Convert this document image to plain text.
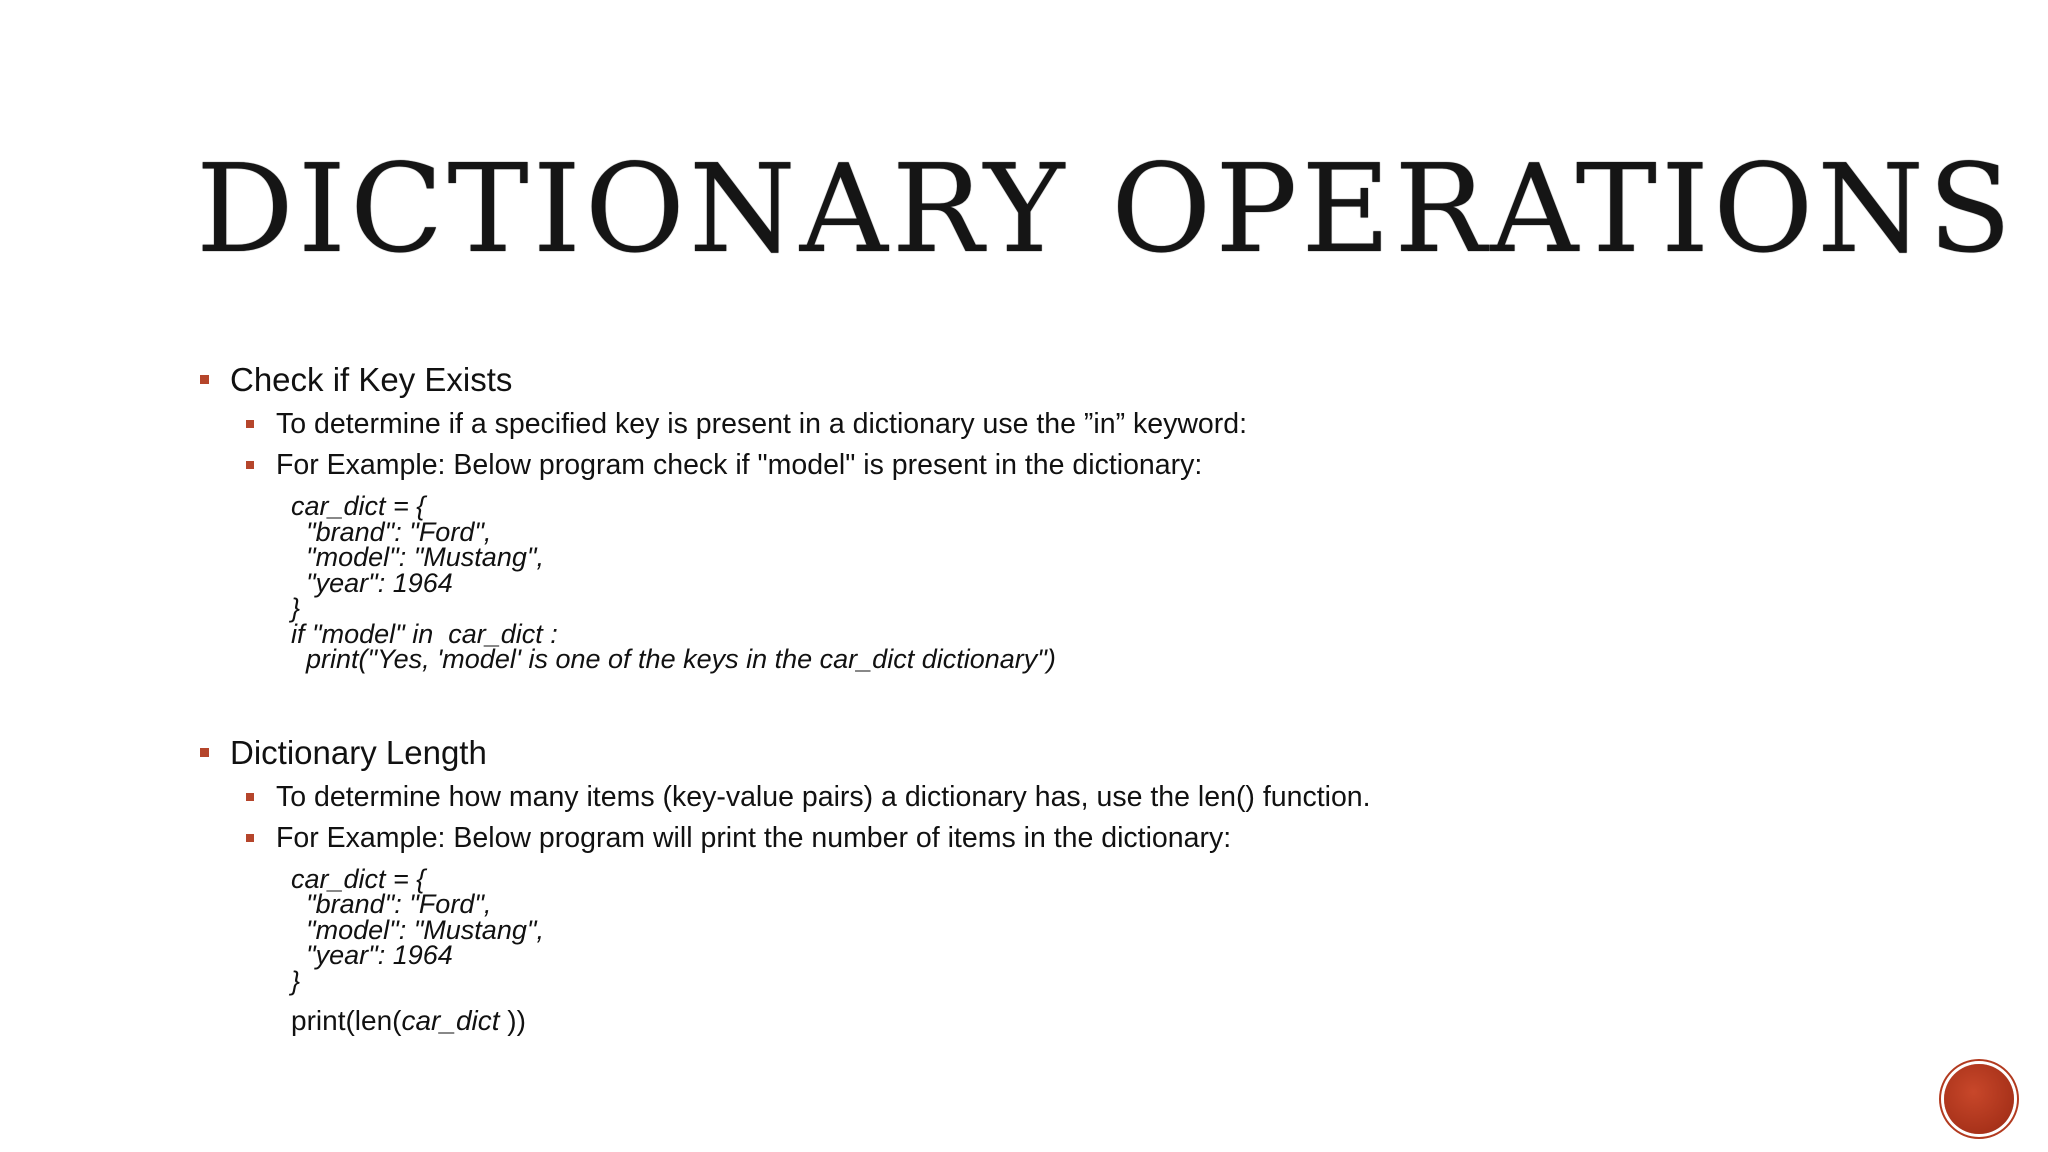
DICTIONARY OPERATIONS
Check if Key Exists
To determine if a specified key is present in a dictionary use the ”in” keyword:
For Example: Below program check if "model" is present in the dictionary:
car_dict = {
"brand": "Ford",
"model": "Mustang",
"year": 1964
}
if "model" in  car_dict :
print("Yes, 'model' is one of the keys in the car_dict dictionary")
Dictionary Length
To determine how many items (key-value pairs) a dictionary has, use the len() function.
For Example: Below program will print the number of items in the dictionary:
car_dict = {
"brand": "Ford",
"model": "Mustang",
"year": 1964
}
print(len(car_dict ))
